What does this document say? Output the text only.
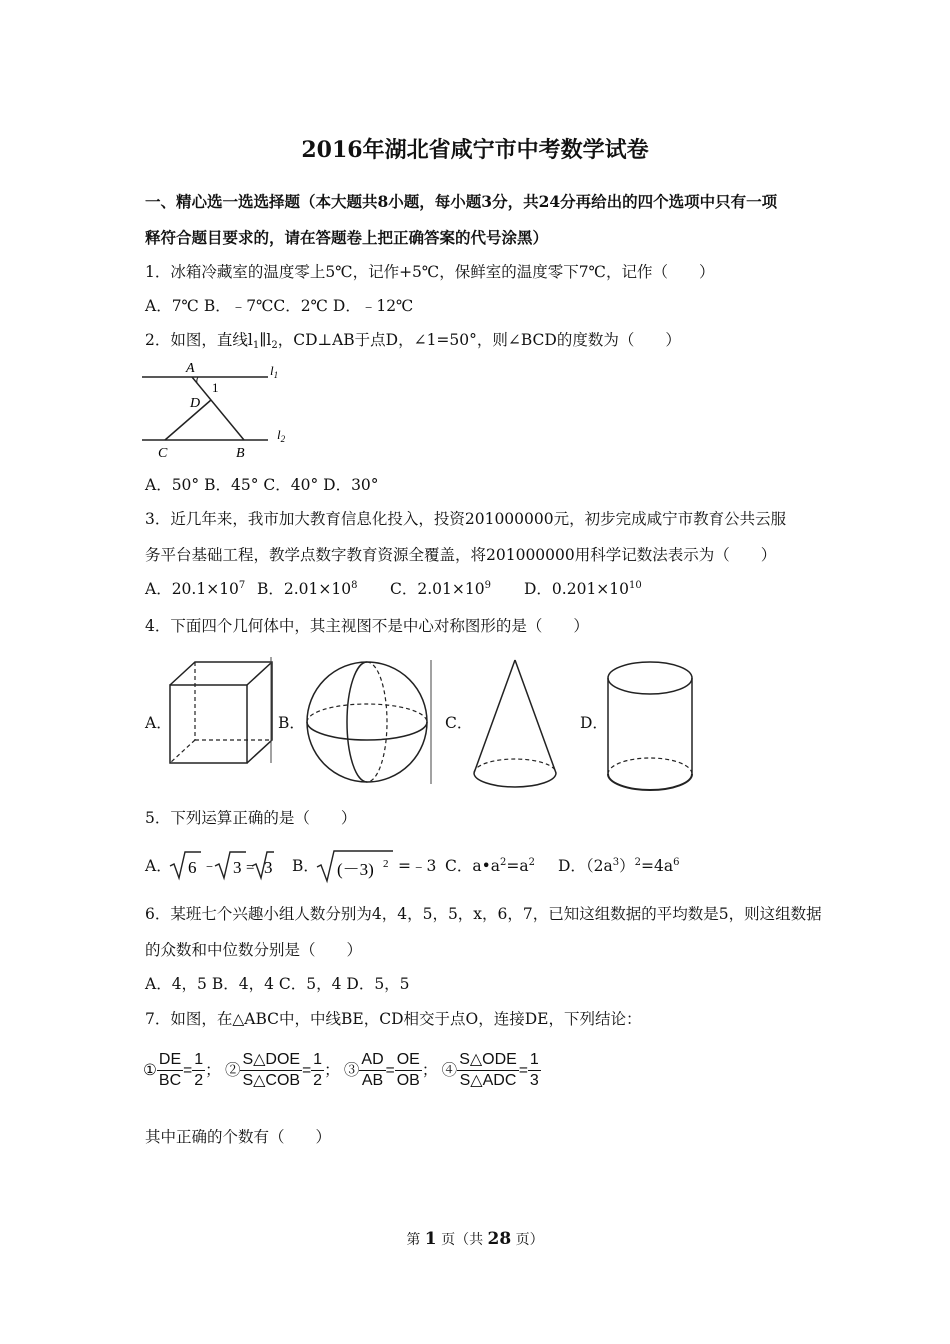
2016年湖北省咸宁市中考数学试卷
一、精心选一选选择题（本大题共8小题，每小题3分，共24分再给出的四个选项中只有一项
释符合题目要求的，请在答题卷上把正确答案的代号涂黑）
1．冰箱冷藏室的温度零上5℃，记作+5℃，保鲜室的温度零下7℃，记作（　　）
A．7℃ B．﹣7℃C．2℃ D．﹣12℃
2．如图，直线$l_1\parallel l_2$，CD⊥AB于点D，∠1=50°，则∠BCD的度数为（　　）
A
1
D
C	B
$l_1$
$l_2$
A．50° B．45° C．40° D．30°
3．近几年来，我市加大教育信息化投入，投资201000000元，初步完成咸宁市教育公共云服
务平台基础工程，教学点数字教育资源全覆盖，将201000000用科学记数法表示为（　　）
A．$20.1\times 10^7$ B．$2.01\times 10^8$ C．$2.01\times 10^9$ D．$0.201\times 10^{10}$
4．下面四个几何体中，其主视图不是中心对称图形的是（　　）
A．	B．	C．	D．
5．下列运算正确的是（　　）
A． 6 ﹣ 3 = 3 B． (－3) 2 =﹣3 C．$a•a^2=a^2$ D．$(2a^3)^2=4a^6$
6．某班七个兴趣小组人数分别为4，4，5，5，x，6，7，已知这组数据的平均数是5，则这组数据
的众数和中位数分别是（　　）
A．4，5 B．4，4 C．5，4 D．5，5
7．如图，在△ABC中，中线BE，CD相交于点O，连接DE，下列结论：
① $\frac{DE}{BC} = \frac{1}{2}$ ； ② $\frac{\text{S△DOE}}{\text{S△COB}} = \frac{1}{2}$ ； ③ $\frac{AD}{AB} = \frac{OE}{OB}$ ； ④ $\frac{\text{S△ODE}}{\text{S△ADC}} = \frac{1}{3}$
其中正确的个数有（　　）
第 1 页（共 28 页）
